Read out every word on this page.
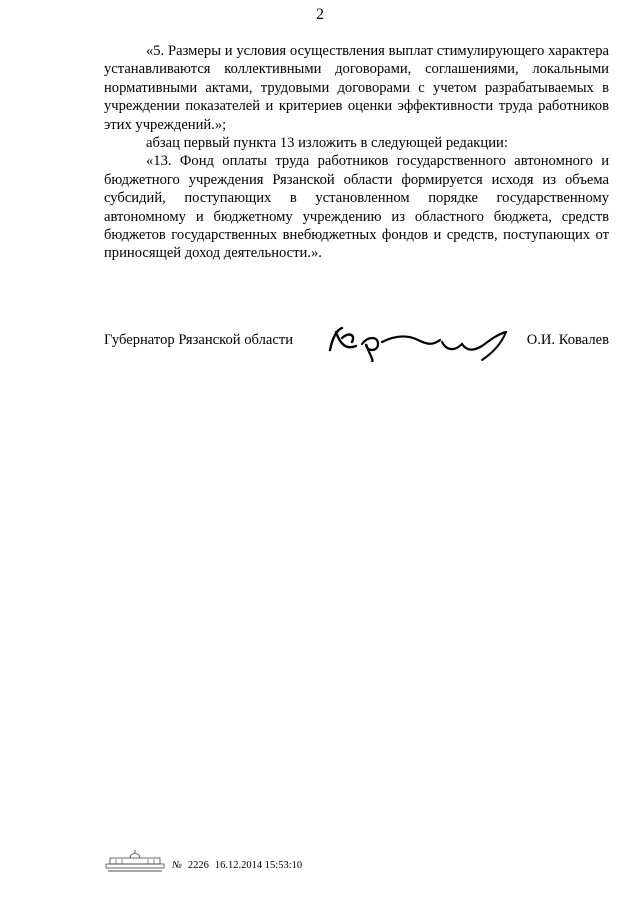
2

«5. Размеры и условия осуществления выплат стимулирующего характера устанавливаются коллективными договорами, соглашениями, локальными нормативными актами, трудовыми договорами с учетом разрабатываемых в учреждении показателей и критериев оценки эффективности труда работников этих учреждений.»;

абзац первый пункта 13 изложить в следующей редакции:

«13. Фонд оплаты труда работников государственного автономного и бюджетного учреждения Рязанской области формируется исходя из объема субсидий, поступающих в установленном порядке государственному автономному и бюджетному учреждению из областного бюджета, средств бюджетов государственных внебюджетных фондов и средств, поступающих от приносящей доход деятельности.».

Губернатор Рязанской области	О.И. Ковалев
№ 2226 16.12.2014 15:53:10
